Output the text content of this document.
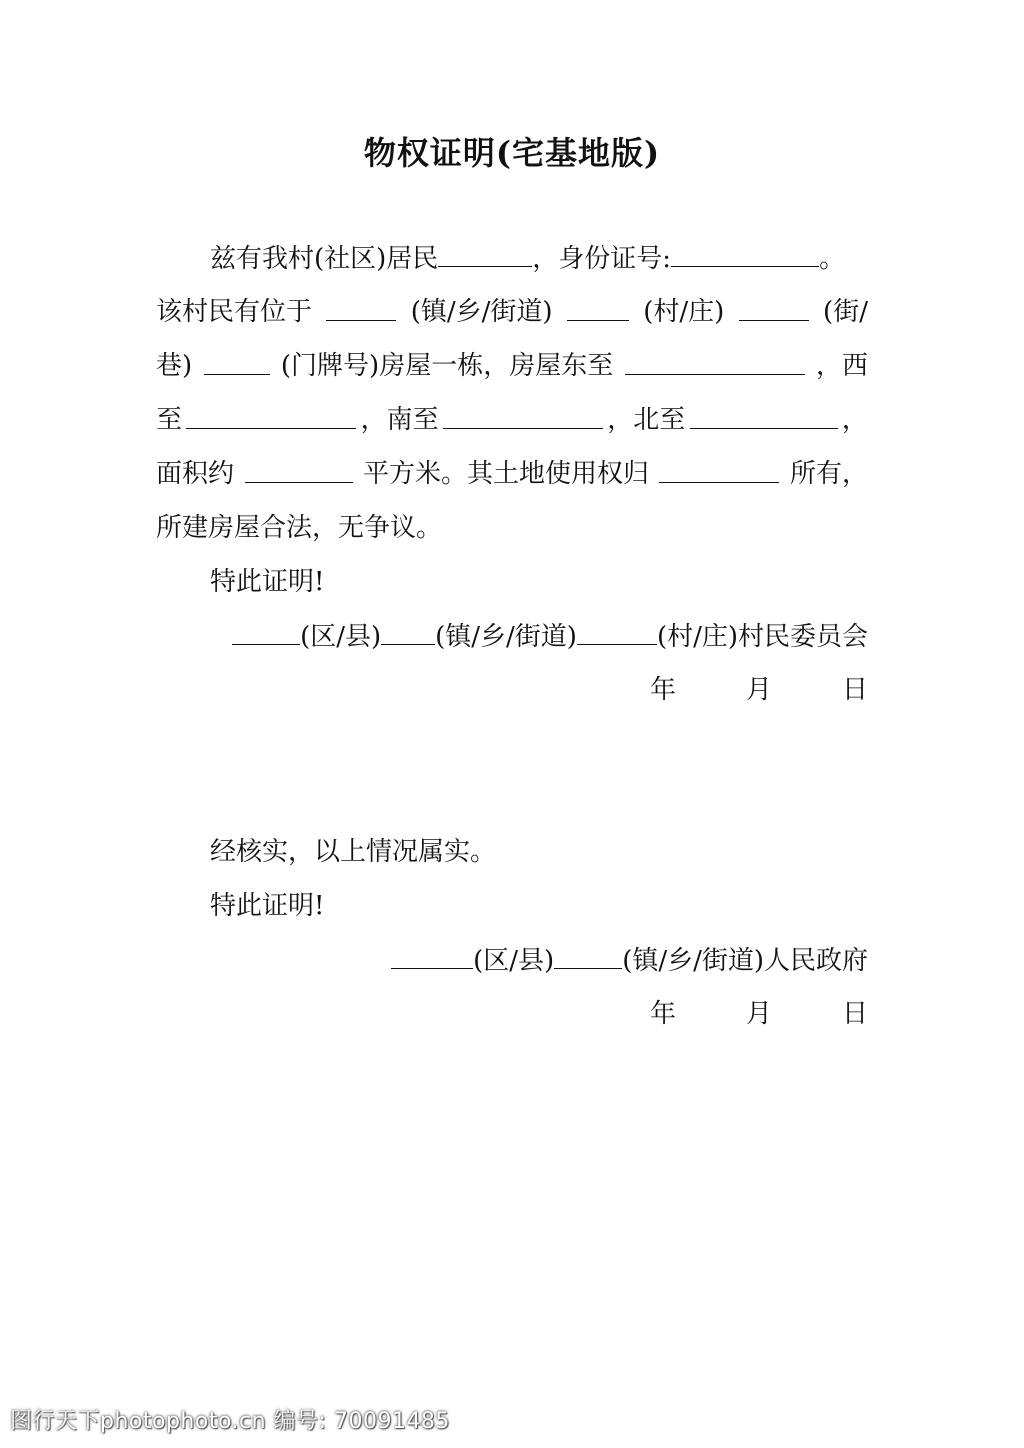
物权证明(宅基地版)
兹有我村(社区)居民	，身份证号:	。
该村民有位于	(镇/乡/街道)	(村/庄)	(街/
巷)	(门牌号)房屋一栋，房屋东至	，西
至	，南至	，北至	，
面积约	平方米。其土地使用权归	所有，
所建房屋合法，无争议。
特此证明!
(区/县) (镇/乡/街道)	(村/庄)村民委员会
年	月	日
经核实，以上情况属实。
特此证明!
(区/县)	(镇/乡/街道)人民政府
年	月	日
图行天下photophoto.cn 编号: 70091485
